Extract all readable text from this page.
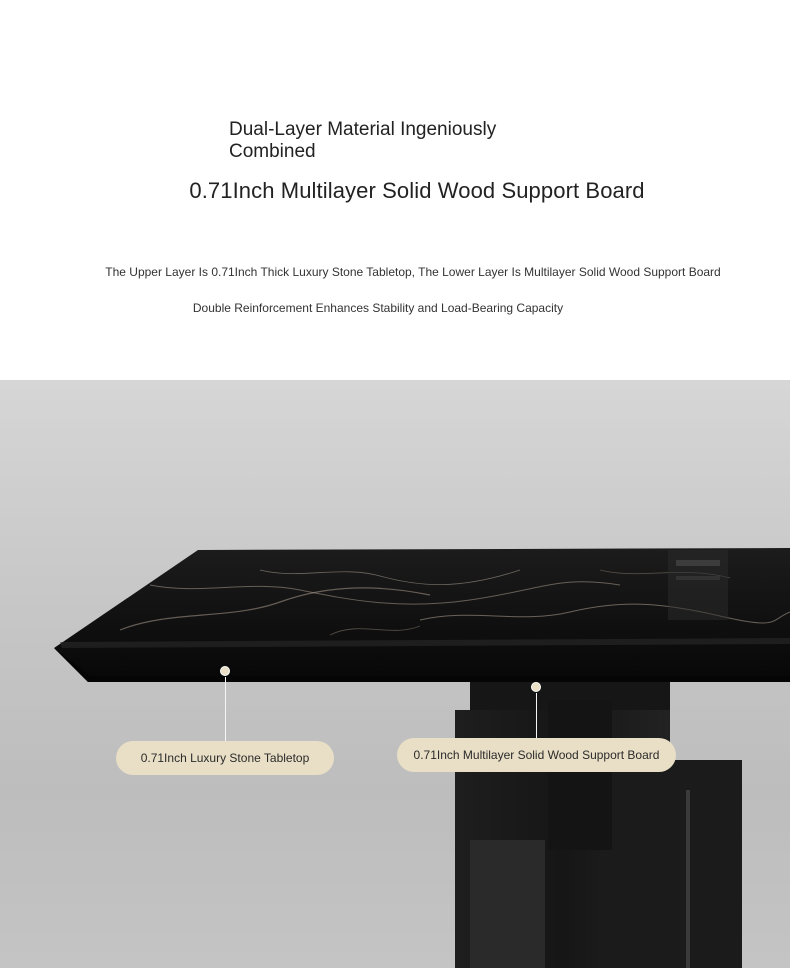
Dual-Layer Material Ingeniously
Combined
0.71Inch Multilayer Solid Wood Support Board
The Upper Layer Is 0.71Inch Thick Luxury Stone Tabletop, The Lower Layer Is Multilayer Solid Wood Support Board
Double Reinforcement Enhances Stability and Load-Bearing Capacity
0.71Inch Luxury Stone Tabletop	0.71Inch Multilayer Solid Wood Support Board
